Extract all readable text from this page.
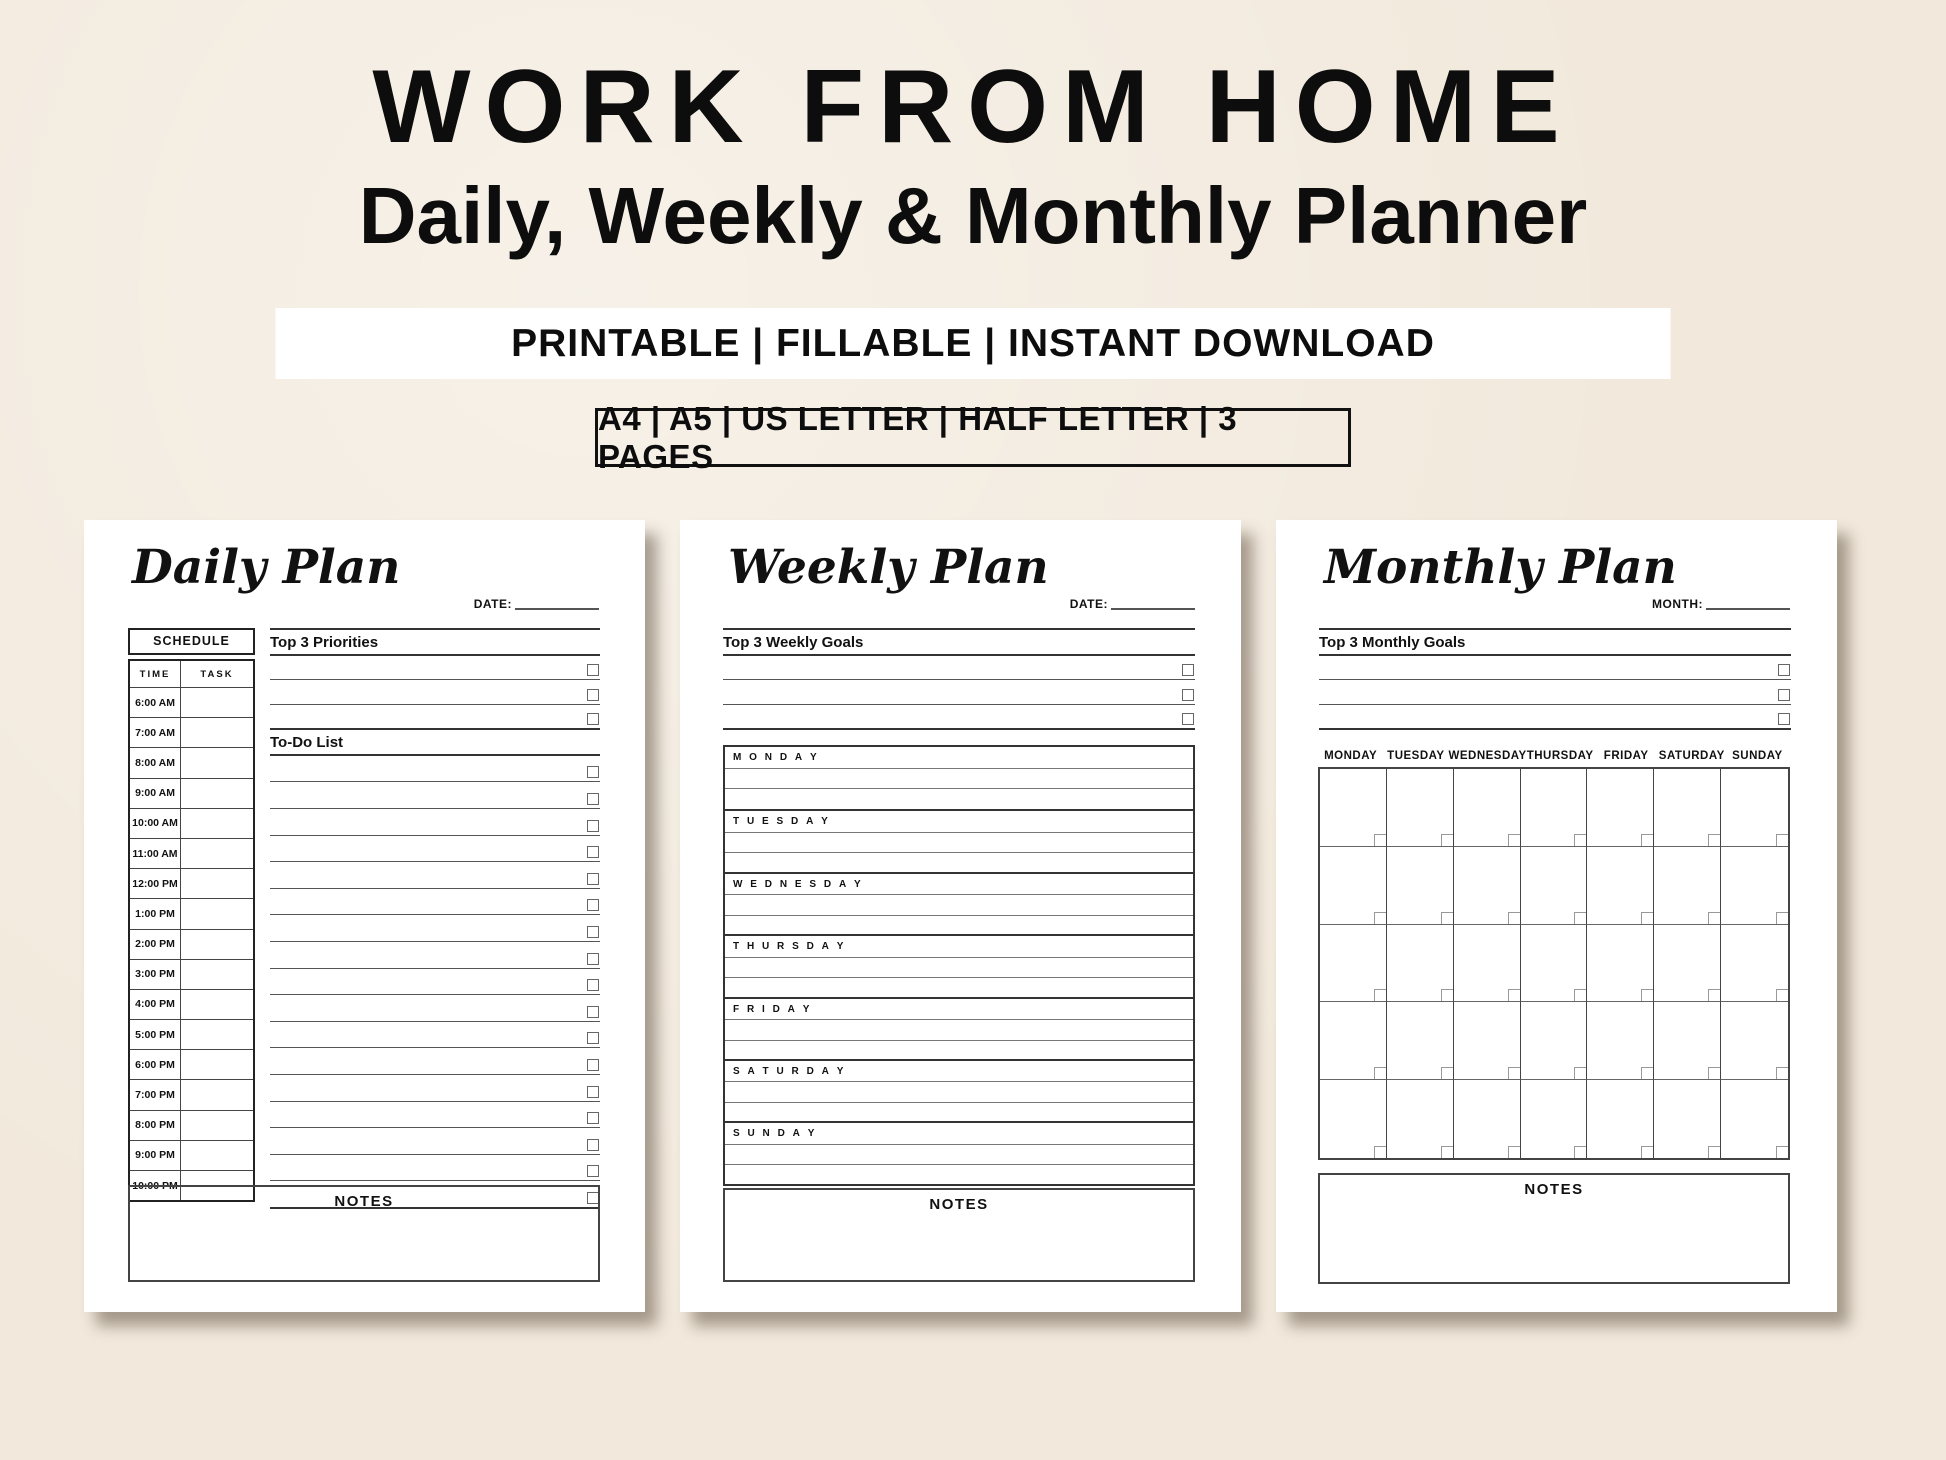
WORK FROM HOME
Daily, Weekly & Monthly Planner
PRINTABLE | FILLABLE | INSTANT DOWNLOAD
A4 | A5 | US LETTER | HALF LETTER | 3 PAGES
Daily Plan
DATE:
SCHEDULE
TIME	TASK
6:00 AM
7:00 AM
8:00 AM
9:00 AM
10:00 AM
11:00 AM
12:00 PM
1:00 PM
2:00 PM
3:00 PM
4:00 PM
5:00 PM
6:00 PM
7:00 PM
8:00 PM
9:00 PM
10:00 PM
Top 3 Priorities
To-Do List
NOTES
Weekly Plan
DATE:
Top 3 Weekly Goals
M O N D A Y
T U E S D A Y
W E D N E S D A Y
T H U R S D A Y
F R I D A Y
S A T U R D A Y
S U N D A Y
NOTES
Monthly Plan
MONTH:
Top 3 Monthly Goals
MONDAY TUESDAY WEDNESDAY THURSDAY FRIDAY SATURDAY SUNDAY
NOTES
